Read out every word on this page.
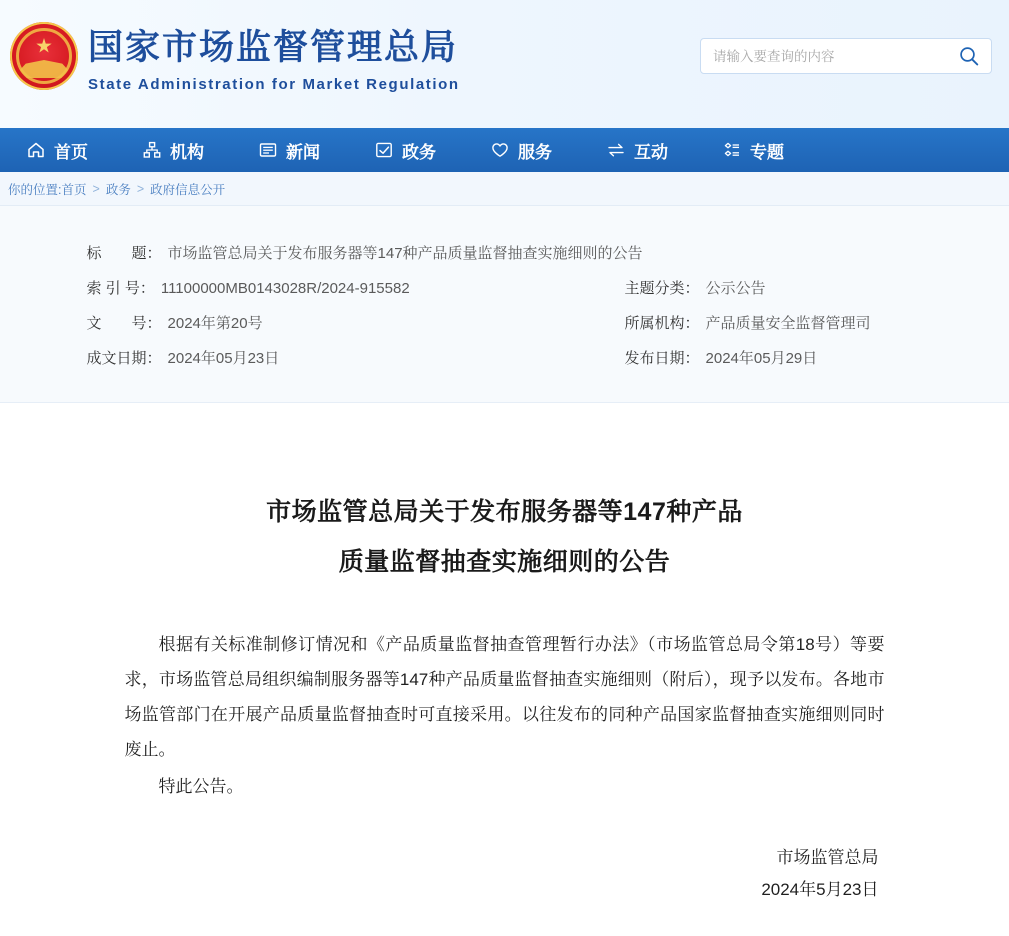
国家市场监督管理总局
State Administration for Market Regulation
请输入要查询的内容
首页	机构	新闻	政务	服务	互动	专题
你的位置: 首页 > 政务 > 政府信息公开
标　　题： 市场监管总局关于发布服务器等147种产品质量监督抽查实施细则的公告
索 引 号： 11100000MB0143028R/2024-915582	主题分类： 公示公告
文　　号： 2024年第20号	所属机构： 产品质量安全监督管理司
成文日期： 2024年05月23日	发布日期： 2024年05月29日
市场监管总局关于发布服务器等147种产品
质量监督抽查实施细则的公告

根据有关标准制修订情况和《产品质量监督抽查管理暂行办法》（市场监管总局令第18号）等要求，市场监管总局组织编制服务器等147种产品质量监督抽查实施细则（附后），现予以发布。各地市场监管部门在开展产品质量监督抽查时可直接采用。以往发布的同种产品国家监督抽查实施细则同时废止。

特此公告。

市场监管总局
2024年5月23日
